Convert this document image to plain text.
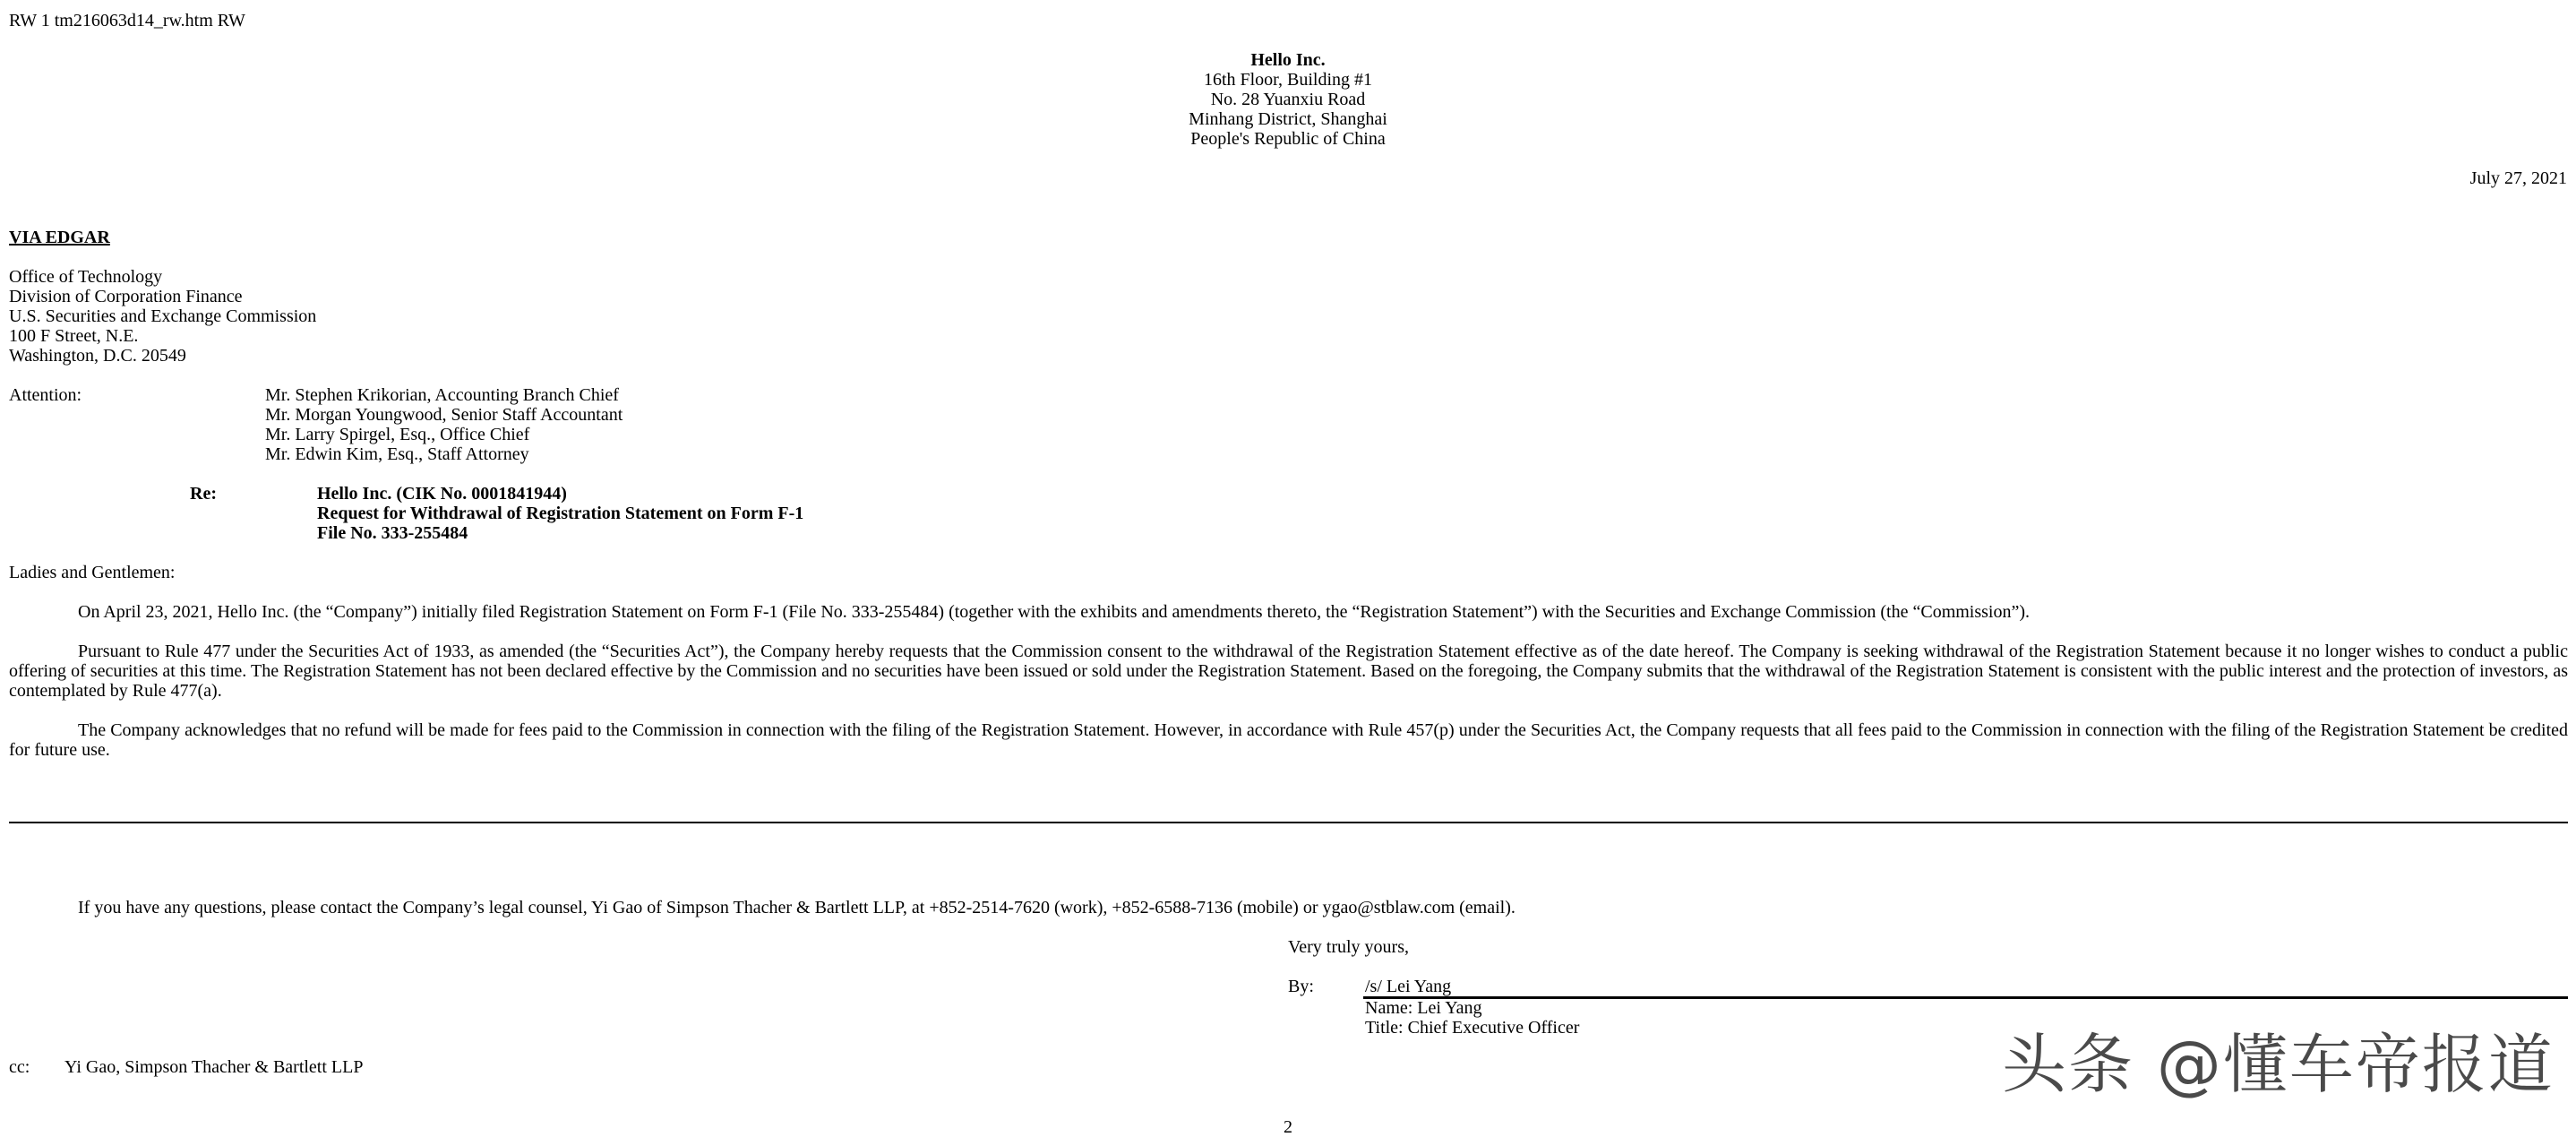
RW 1 tm216063d14_rw.htm RW
Hello Inc.
16th Floor, Building #1
No. 28 Yuanxiu Road
Minhang District, Shanghai
People's Republic of China
July 27, 2021
VIA EDGAR
Office of Technology
Division of Corporation Finance
U.S. Securities and Exchange Commission
100 F Street, N.E.
Washington, D.C. 20549
Attention:	Mr. Stephen Krikorian, Accounting Branch Chief
Mr. Morgan Youngwood, Senior Staff Accountant
Mr. Larry Spirgel, Esq., Office Chief
Mr. Edwin Kim, Esq., Staff Attorney
Re:	Hello Inc. (CIK No. 0001841944)
Request for Withdrawal of Registration Statement on Form F-1
File No. 333-255484
Ladies and Gentlemen:
On April 23, 2021, Hello Inc. (the “Company”) initially filed Registration Statement on Form F-1 (File No. 333-255484) (together with the exhibits and amendments thereto, the “Registration Statement”) with the Securities and Exchange Commission (the “Commission”).
Pursuant to Rule 477 under the Securities Act of 1933, as amended (the “Securities Act”), the Company hereby requests that the Commission consent to the withdrawal of the Registration Statement effective as of the date hereof. The Company is seeking withdrawal of the Registration Statement because it no longer wishes to conduct a public offering of securities at this time. The Registration Statement has not been declared effective by the Commission and no securities have been issued or sold under the Registration Statement. Based on the foregoing, the Company submits that the withdrawal of the Registration Statement is consistent with the public interest and the protection of investors, as contemplated by Rule 477(a).
The Company acknowledges that no refund will be made for fees paid to the Commission in connection with the filing of the Registration Statement. However, in accordance with Rule 457(p) under the Securities Act, the Company requests that all fees paid to the Commission in connection with the filing of the Registration Statement be credited for future use.
If you have any questions, please contact the Company’s legal counsel, Yi Gao of Simpson Thacher & Bartlett LLP, at +852-2514-7620 (work), +852-6588-7136 (mobile) or ygao@stblaw.com (email).
Very truly yours,
By:	/s/ Lei Yang
Name: Lei Yang
Title: Chief Executive Officer
cc: Yi Gao, Simpson Thacher & Bartlett LLP	头条 @懂车帝报道
2
